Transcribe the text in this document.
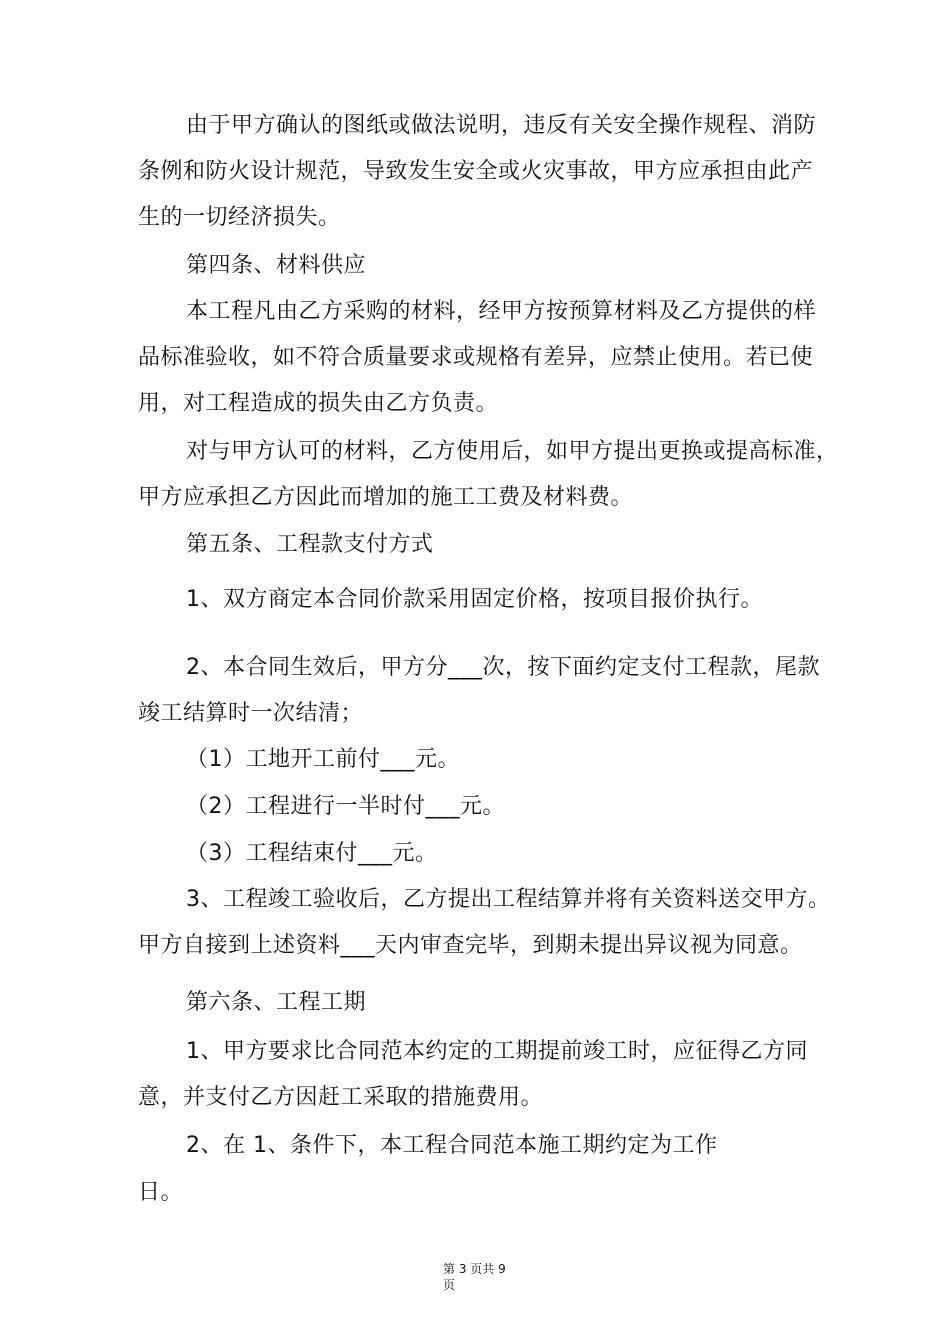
由于甲方确认的图纸或做法说明，违反有关安全操作规程、消防
条例和防火设计规范，导致发生安全或火灾事故，甲方应承担由此产
生的一切经济损失。
第四条、材料供应
本工程凡由乙方采购的材料，经甲方按预算材料及乙方提供的样
品标准验收，如不符合质量要求或规格有差异，应禁止使用。若已使
用，对工程造成的损失由乙方负责。
对与甲方认可的材料，乙方使用后，如甲方提出更换或提高标准，
甲方应承担乙方因此而增加的施工工费及材料费。
第五条、工程款支付方式
1、双方商定本合同价款采用固定价格，按项目报价执行。
2、本合同生效后，甲方分___次，按下面约定支付工程款，尾款
竣工结算时一次结清；
（1）工地开工前付___元。
（2）工程进行一半时付___元。
（3）工程结束付___元。
3、工程竣工验收后，乙方提出工程结算并将有关资料送交甲方。
甲方自接到上述资料___天内审查完毕，到期未提出异议视为同意。
第六条、工程工期
1、甲方要求比合同范本约定的工期提前竣工时，应征得乙方同
意，并支付乙方因赶工采取的措施费用。
2、在 1、条件下，本工程合同范本施工期约定为工作
日。
第 3 页共 9
页
